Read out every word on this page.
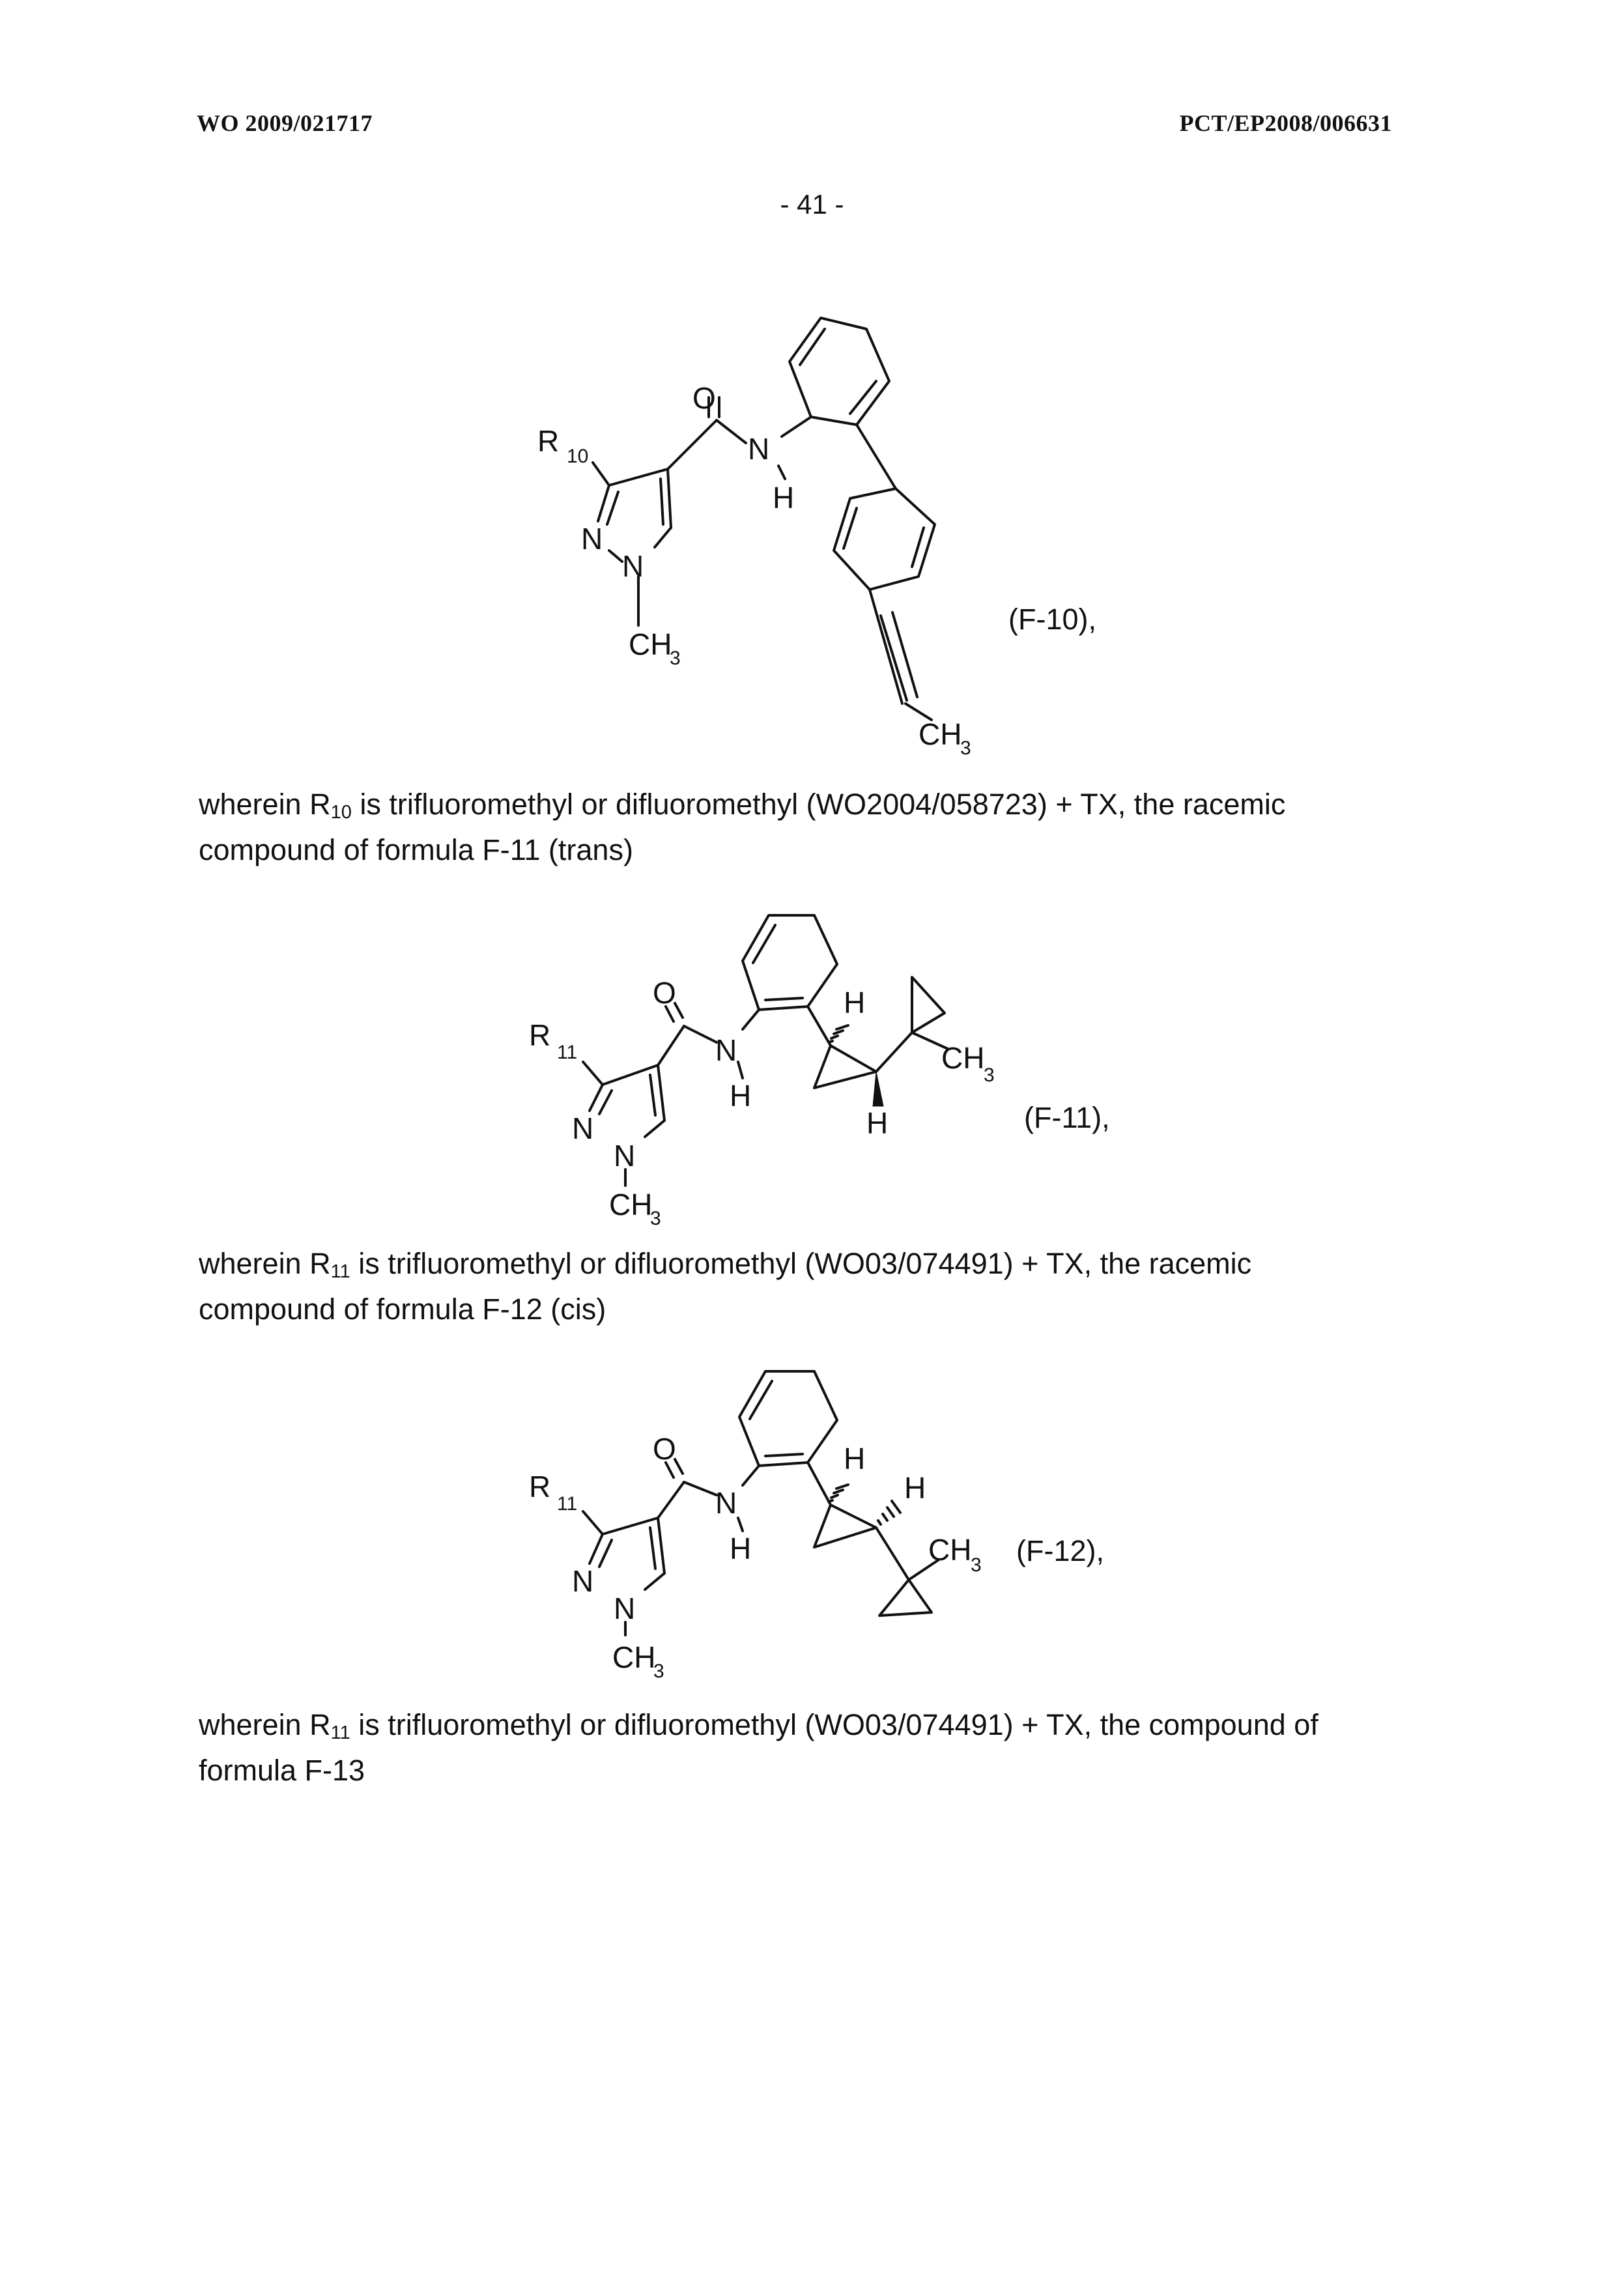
WO 2009/021717	PCT/EP2008/006631
- 41 -
O
N
H
N
N
R 10
CH
3
CH
3
(F-10),
wherein $R_{10}$ is trifluoromethyl or difluoromethyl (WO2004/058723) + TX, the racemic
compound of formula F-11 (trans)
O
N
H
N
N
R
11
CH
3
H
H
CH
3
(F-11),
wherein $R_{11}$ is trifluoromethyl or difluoromethyl (WO03/074491) + TX, the racemic
compound of formula F-12 (cis)
O
N
H
N
N
R
11
CH
3
H
H
CH
3 (F-12),
wherein $R_{11}$ is trifluoromethyl or difluoromethyl (WO03/074491) + TX, the compound of
formula F-13
